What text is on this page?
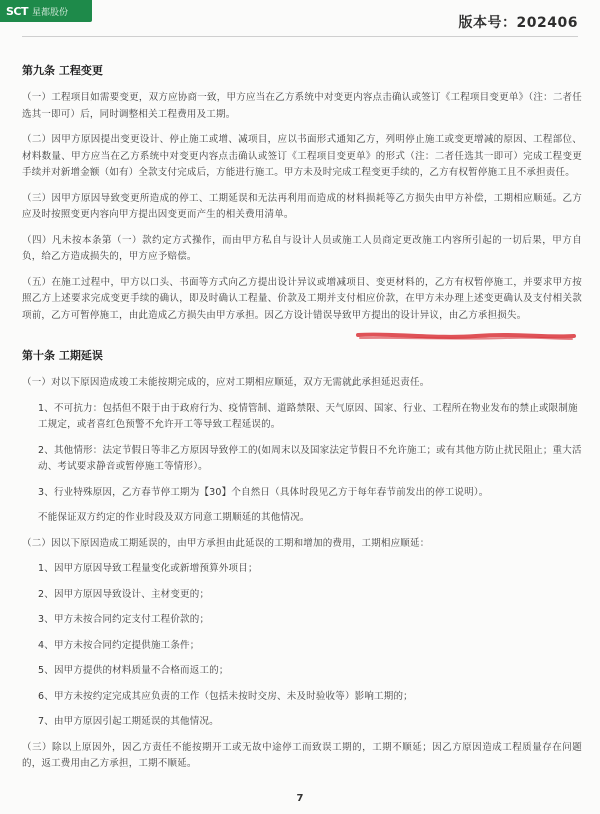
SCT 星都股份
版本号：202406
第九条 工程变更

（一）工程项目如需要变更，双方应协商一致，甲方应当在乙方系统中对变更内容点击确认或签订《工程项目变更单》（注：二者任选其一即可）后，同时调整相关工程费用及工期。

（二）因甲方原因提出变更设计、停止施工或增、减项目，应以书面形式通知乙方，列明停止施工或变更增减的原因、工程部位、材料数量、甲方应当在乙方系统中对变更内容点击确认或签订《工程项目变更单》的形式（注：二者任选其一即可）完成工程变更手续并对新增金额（如有）全款支付完成后，方能进行施工。甲方未及时完成工程变更手续的，乙方有权暂停施工且不承担责任。

（三）因甲方原因导致变更所造成的停工、工期延误和无法再利用而造成的材料损耗等乙方损失由甲方补偿，工期相应顺延。乙方应及时按照变更内容向甲方提出因变更而产生的相关费用清单。

（四）凡未按本条第（一）款约定方式操作，而由甲方私自与设计人员或施工人员商定更改施工内容所引起的一切后果，甲方自负，给乙方造成损失的，甲方应予赔偿。

（五）在施工过程中，甲方以口头、书面等方式向乙方提出设计异议或增减项目、变更材料的，乙方有权暂停施工，并要求甲方按照乙方上述要求完成变更手续的确认，即及时确认工程量、价款及工期并支付相应价款，在甲方未办理上述变更确认及支付相关款项前，乙方可暂停施工，由此造成乙方损失由甲方承担。因乙方设计错误导致甲方提出的设计异议，由乙方承担损失。

第十条 工期延误

（一）对以下原因造成竣工未能按期完成的，应对工期相应顺延，双方无需就此承担延迟责任。

1、不可抗力：包括但不限于由于政府行为、疫情管制、道路禁限、天气原因、国家、行业、工程所在物业发布的禁止或限制施工规定，或者喜红色预警不允许开工等导致工程延误的。

2、其他情形：法定节假日等非乙方原因导致停工的(如周末以及国家法定节假日不允许施工；或有其他方防止扰民阻止；重大活动、考试要求静音或暂停施工等情形）。

3、行业特殊原因，乙方春节停工期为【30】个自然日（具体时段见乙方于每年春节前发出的停工说明）。

不能保证双方约定的作业时段及双方同意工期顺延的其他情况。

（二）因以下原因造成工期延误的，由甲方承担由此延误的工期和增加的费用，工期相应顺延：

1、因甲方原因导致工程量变化或新增预算外项目；

2、因甲方原因导致设计、主材变更的；

3、甲方未按合同约定支付工程价款的；

4、甲方未按合同约定提供施工条件；

5、因甲方提供的材料质量不合格而返工的；

6、甲方未按约定完成其应负责的工作（包括未按时交房、未及时验收等）影响工期的；

7、由甲方原因引起工期延误的其他情况。

（三）除以上原因外，因乙方责任不能按期开工或无故中途停工而致误工期的，工期不顺延；因乙方原因造成工程质量存在问题的，返工费用由乙方承担，工期不顺延。

7
